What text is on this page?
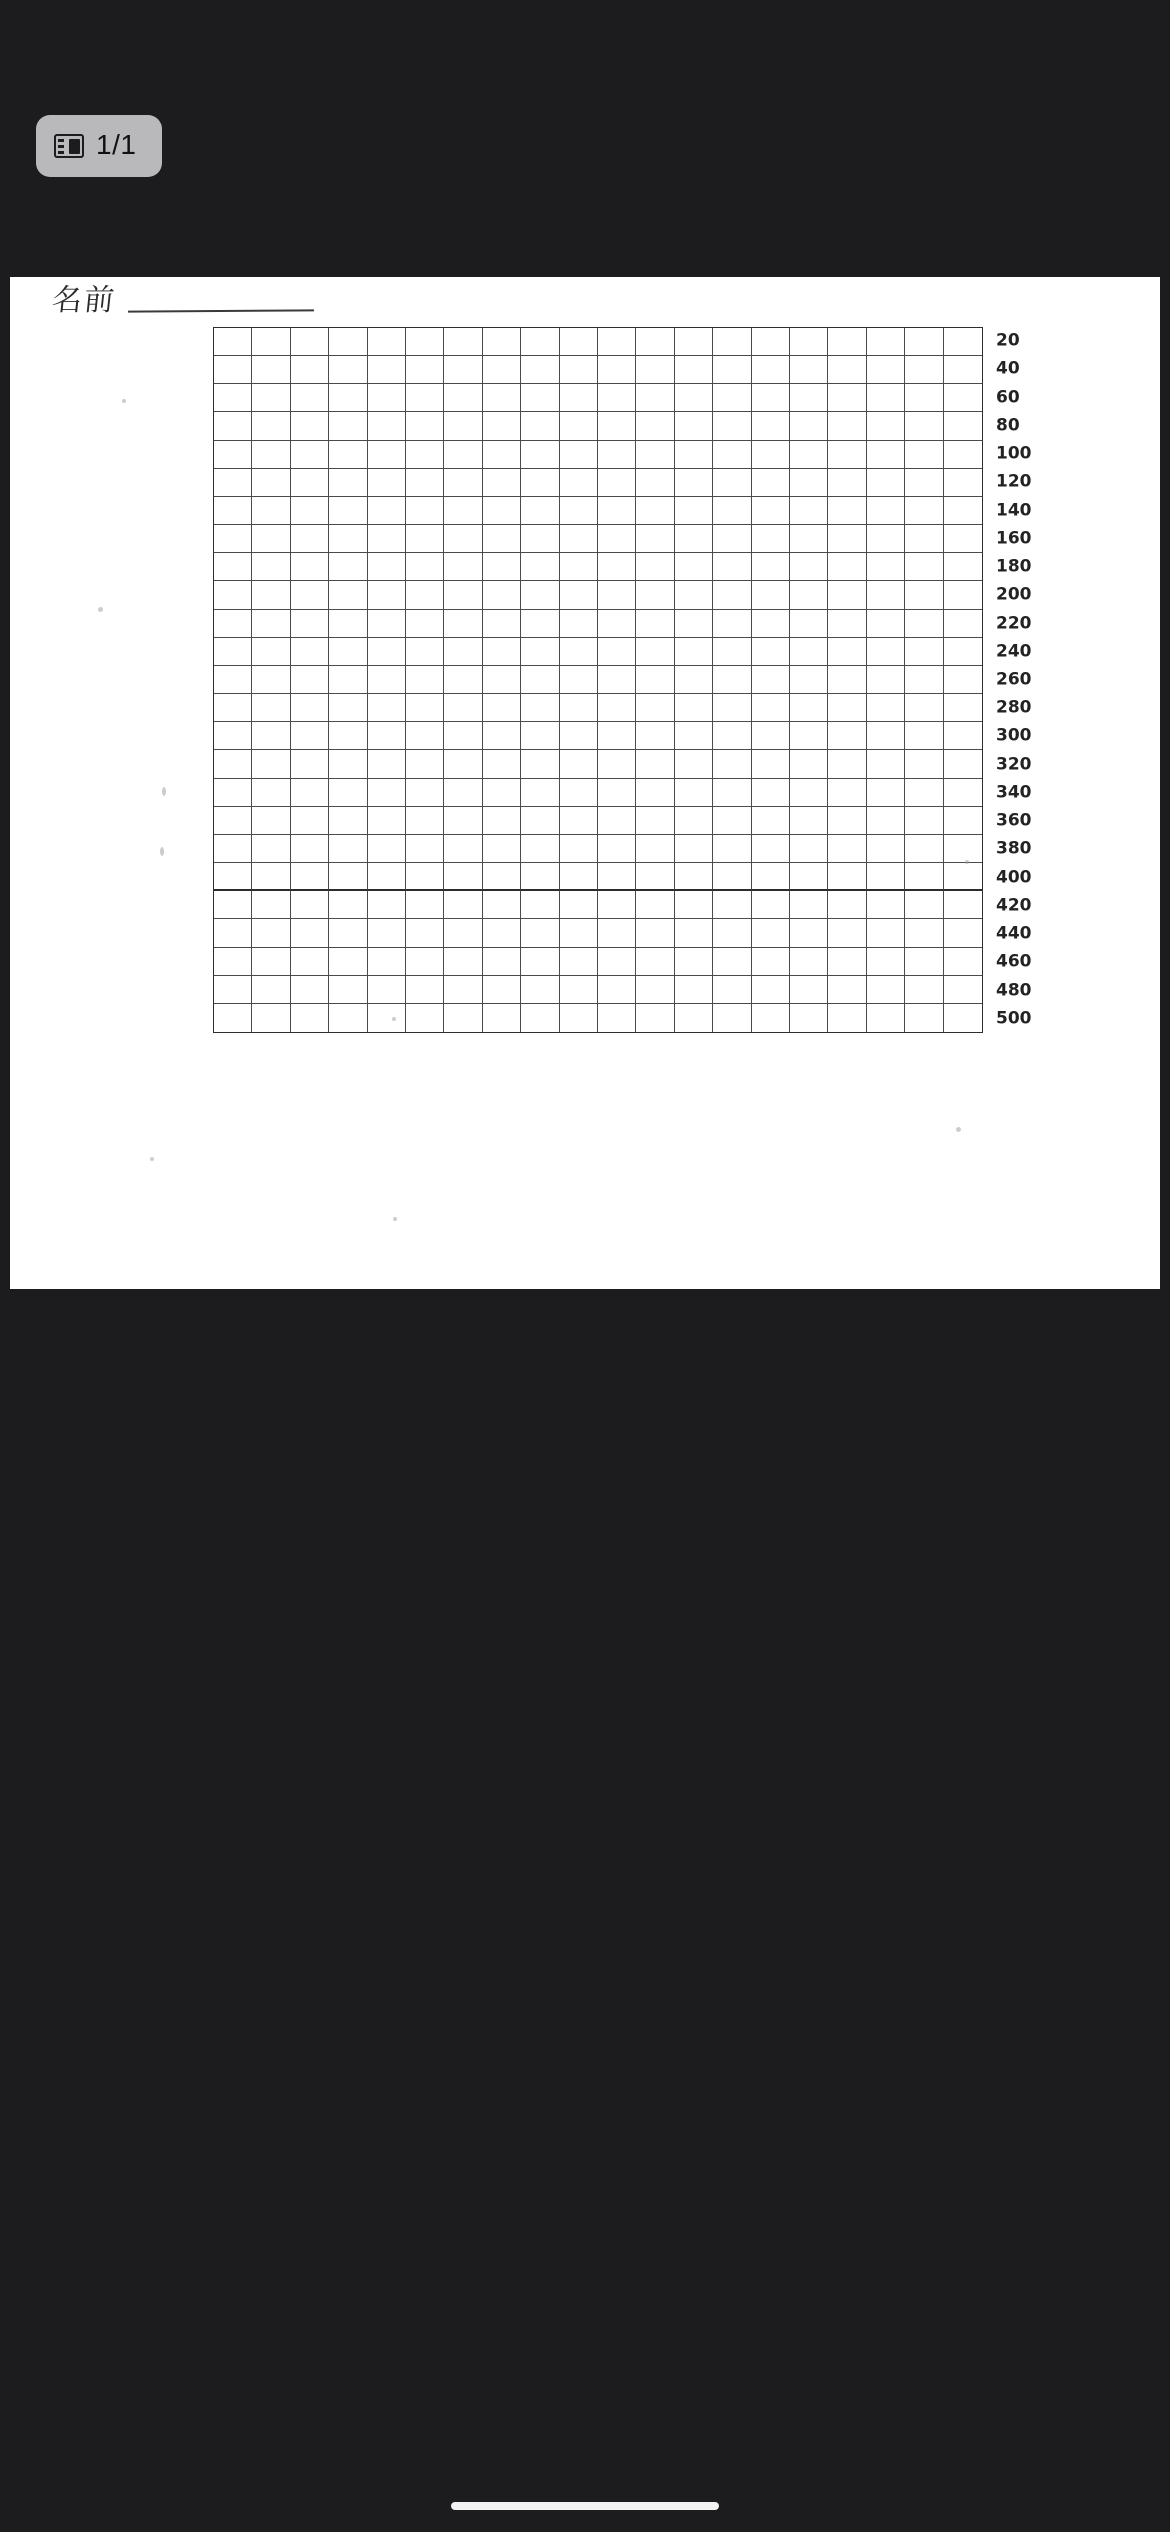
1/1
名前
20
40
60
80
100
120
140
160
180
200
220
240
260
280
300
320
340
360
380
400
420
440
460
480
500
